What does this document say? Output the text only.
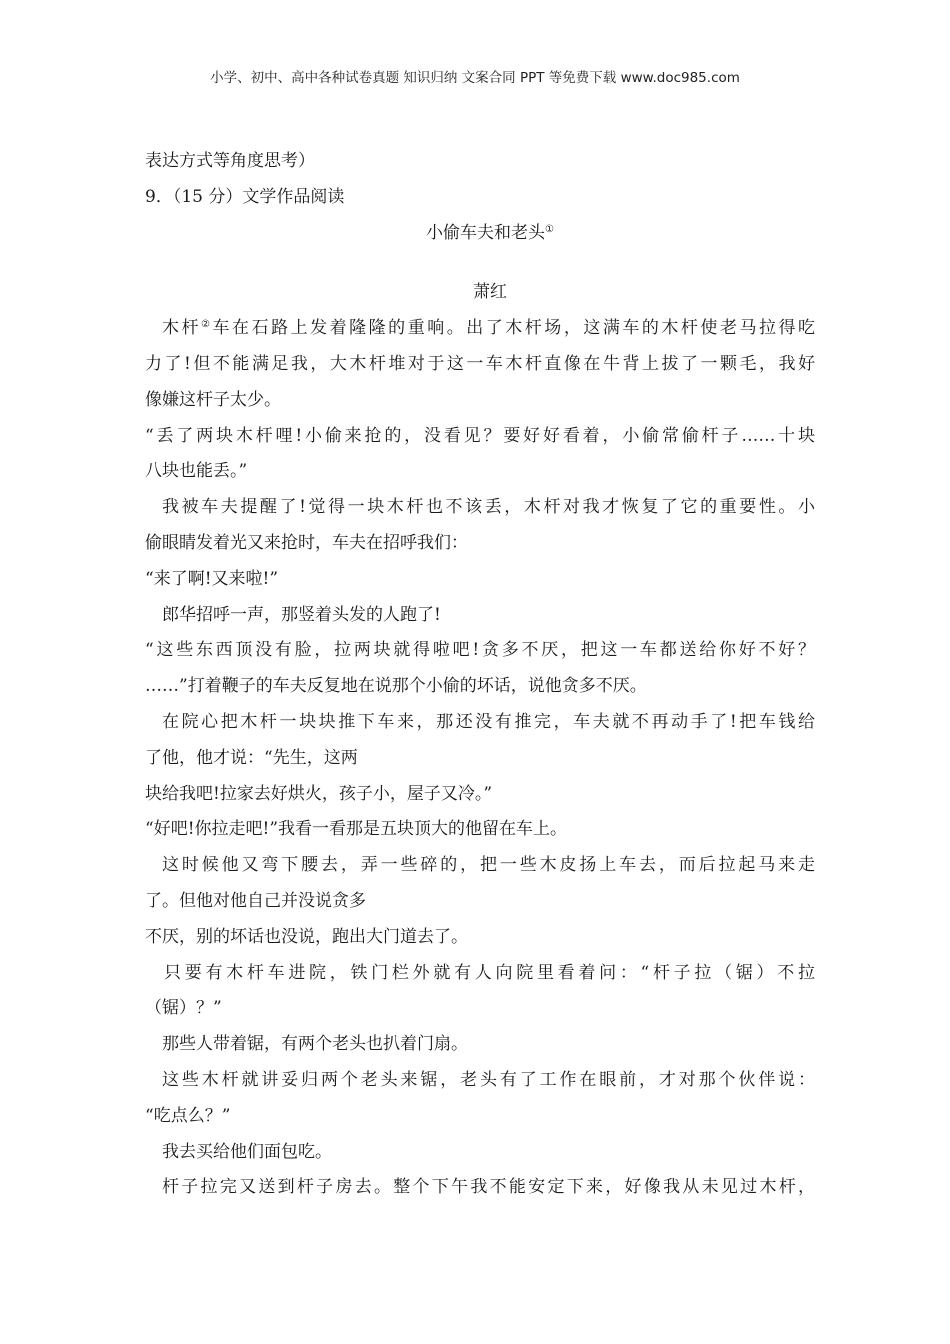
小学、初中、高中各种试卷真题 知识归纳 文案合同 PPT 等免费下载 www.doc985.com
表达方式等角度思考）
9．（15 分）文学作品阅读
小偷车夫和老头①
萧红
木杆②车在石路上发着隆隆的重响。出了木杆场，这满车的木杆使老马拉得吃
力了!但不能满足我，大木杆堆对于这一车木杆直像在牛背上拔了一颗毛，我好
像嫌这杆子太少。
“丢了两块木杆哩!小偷来抢的，没看见？要好好看着，小偷常偷杆子……十块
八块也能丢。”
我被车夫提醒了!觉得一块木杆也不该丢，木杆对我才恢复了它的重要性。小
偷眼睛发着光又来抢时，车夫在招呼我们：
“来了啊!又来啦!”
郎华招呼一声，那竖着头发的人跑了!
“这些东西顶没有脸，拉两块就得啦吧!贪多不厌，把这一车都送给你好不好？
……”打着鞭子的车夫反复地在说那个小偷的坏话，说他贪多不厌。
在院心把木杆一块块推下车来，那还没有推完，车夫就不再动手了!把车钱给
了他，他才说：“先生，这两
块给我吧!拉家去好烘火，孩子小，屋子又冷。”
“好吧!你拉走吧!”我看一看那是五块顶大的他留在车上。
这时候他又弯下腰去，弄一些碎的，把一些木皮扬上车去，而后拉起马来走
了。但他对他自己并没说贪多
不厌，别的坏话也没说，跑出大门道去了。
只要有木杆车进院，铁门栏外就有人向院里看着问：“杆子拉（锯）不拉
（锯）？”
那些人带着锯，有两个老头也扒着门扇。
这些木杆就讲妥归两个老头来锯，老头有了工作在眼前，才对那个伙伴说：
“吃点么？”
我去买给他们面包吃。
杆子拉完又送到杆子房去。整个下午我不能安定下来，好像我从未见过木杆，
